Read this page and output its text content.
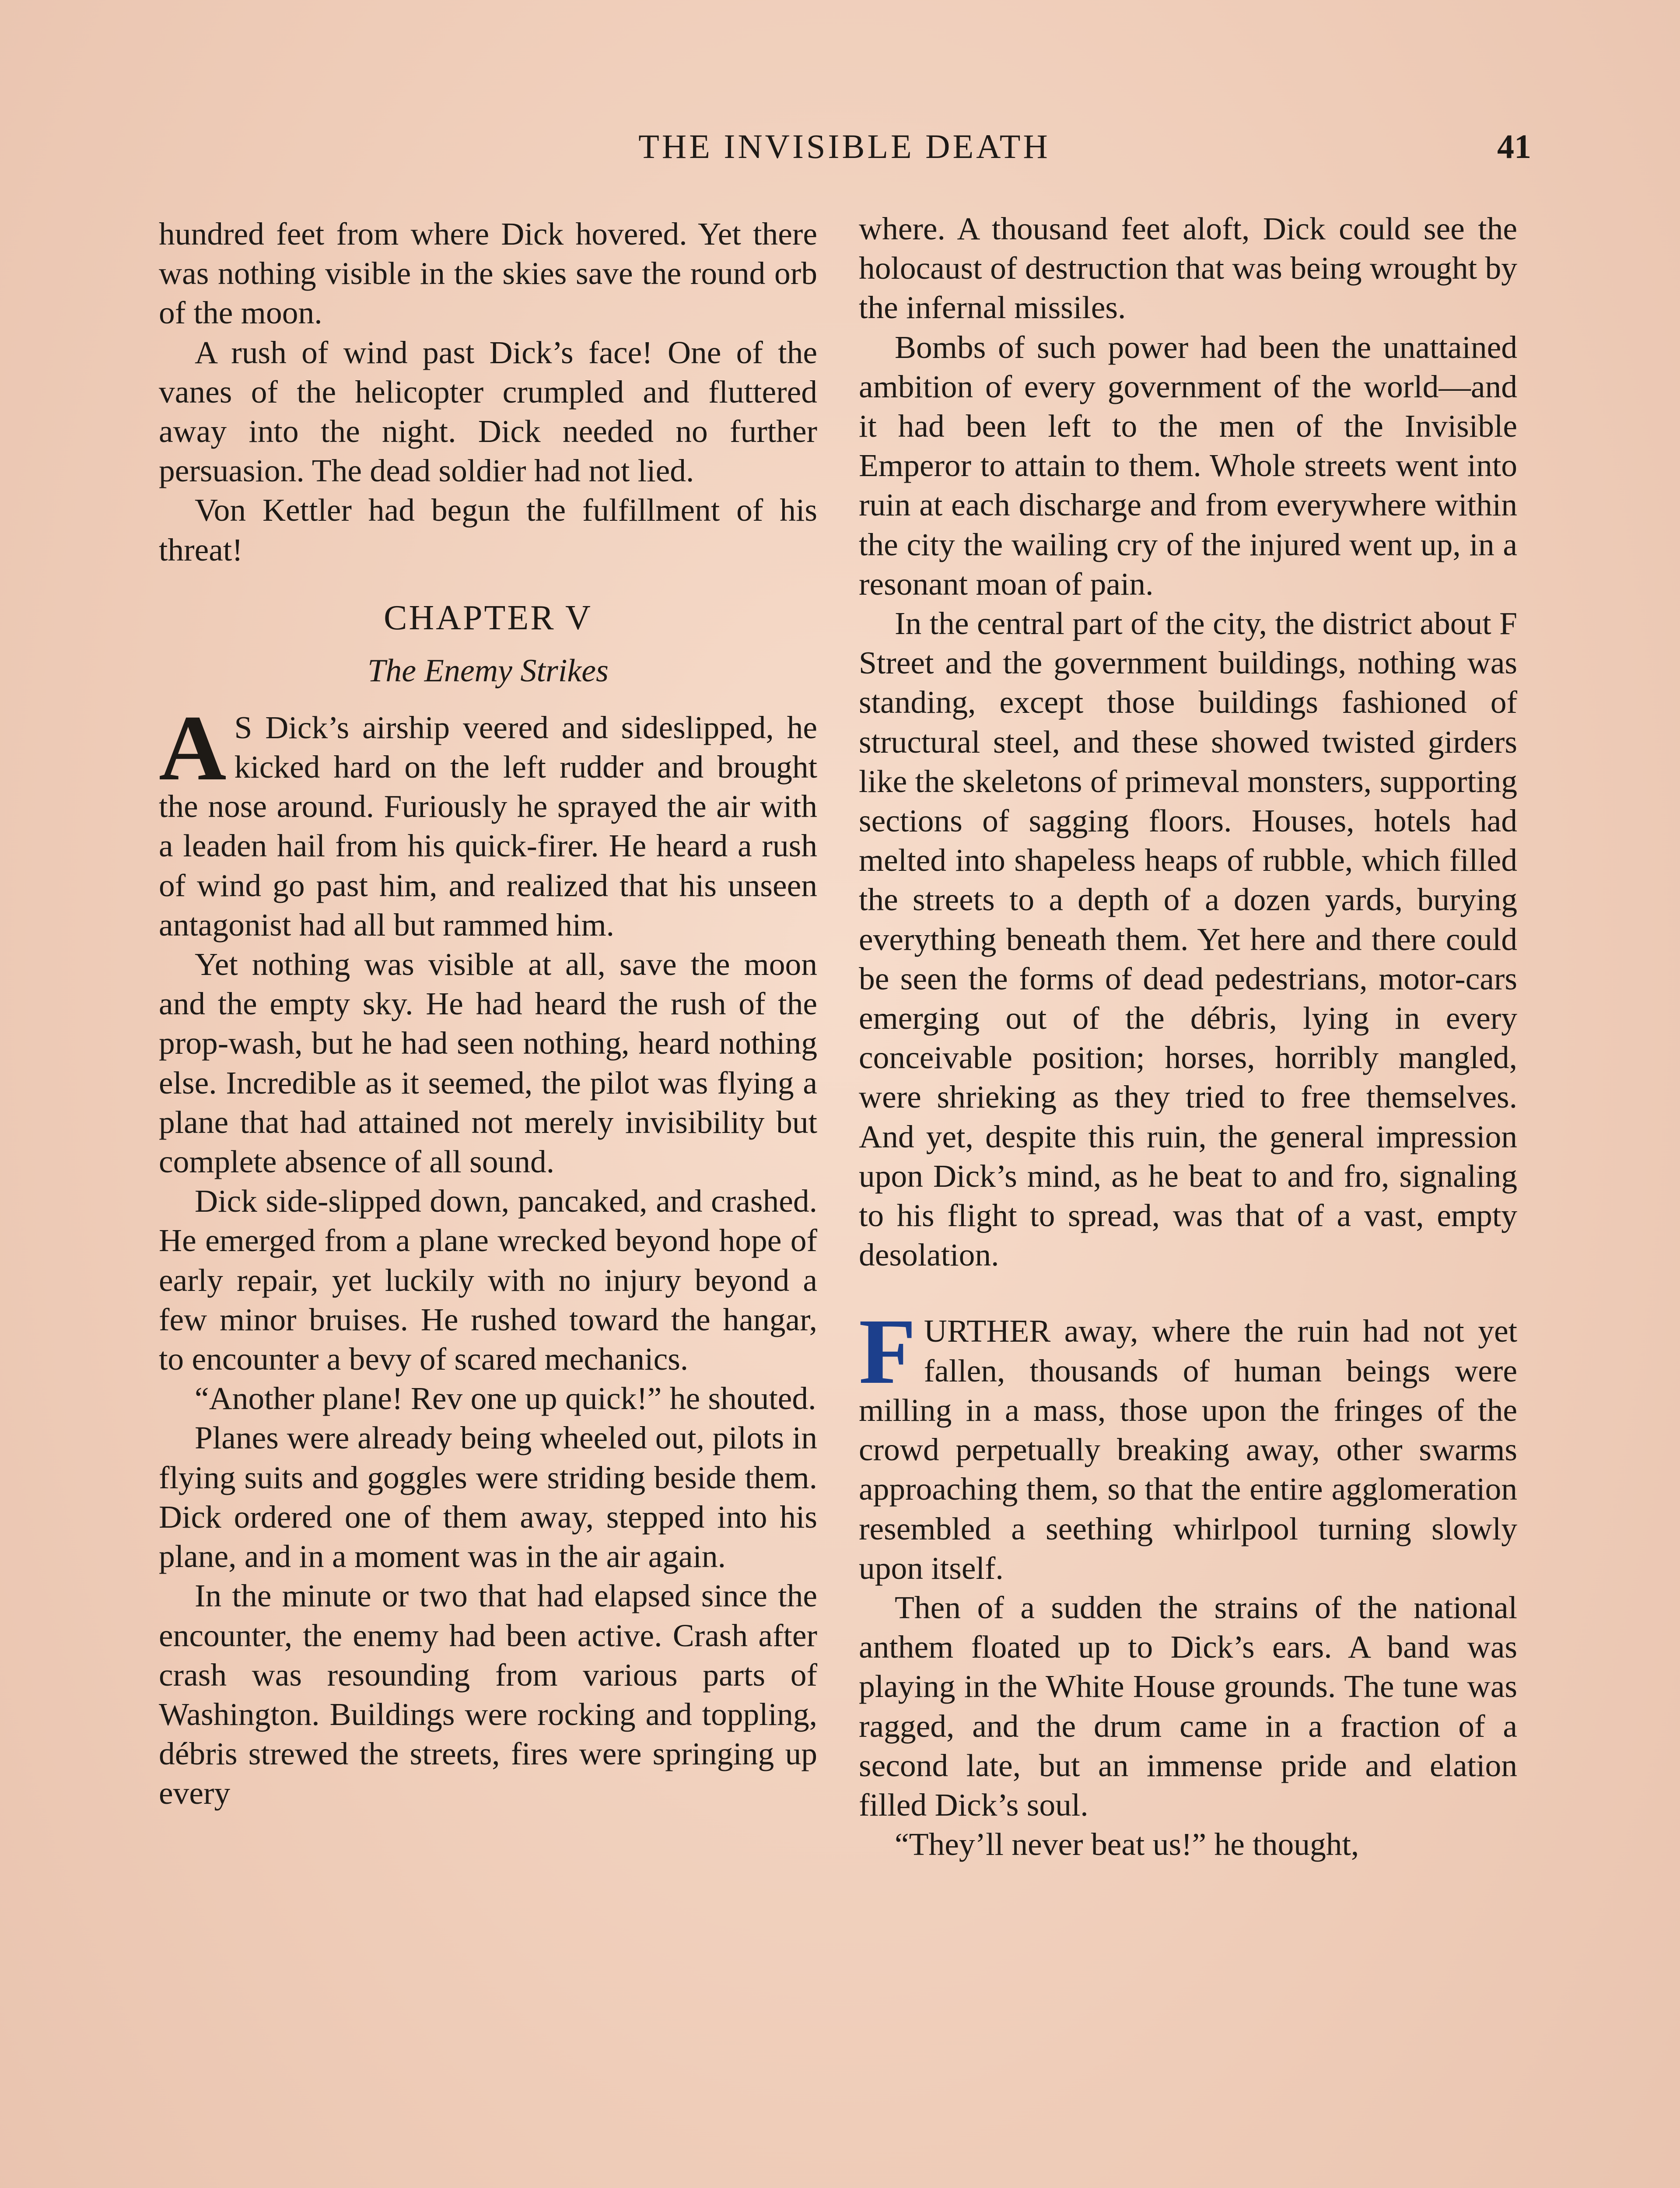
THE INVISIBLE DEATH	41

hundred feet from where Dick hovered. Yet there was nothing visible in the skies save the round orb of the moon.

A rush of wind past Dick’s face! One of the vanes of the helicopter crumpled and fluttered away into the night. Dick needed no further persuasion. The dead soldier had not lied.

Von Kettler had begun the fulfillment of his threat!

CHAPTER V
The Enemy Strikes

A S Dick’s airship veered and sideslipped, he kicked hard on the left rudder and brought the nose around. Furiously he sprayed the air with a leaden hail from his quick-firer. He heard a rush of wind go past him, and realized that his unseen antagonist had all but rammed him.

Yet nothing was visible at all, save the moon and the empty sky. He had heard the rush of the prop-wash, but he had seen nothing, heard nothing else. Incredible as it seemed, the pilot was flying a plane that had attained not merely invisibility but complete absence of all sound.

Dick side-slipped down, pancaked, and crashed. He emerged from a plane wrecked beyond hope of early repair, yet luckily with no injury beyond a few minor bruises. He rushed toward the hangar, to encounter a bevy of scared mechanics.

“Another plane! Rev one up quick!” he shouted.

Planes were already being wheeled out, pilots in flying suits and goggles were striding beside them. Dick ordered one of them away, stepped into his plane, and in a moment was in the air again.

In the minute or two that had elapsed since the encounter, the enemy had been active. Crash after crash was resounding from various parts of Washington. Buildings were rocking and toppling, débris strewed the streets, fires were springing up every

where. A thousand feet aloft, Dick could see the holocaust of destruction that was being wrought by the infernal missiles.

Bombs of such power had been the unattained ambition of every government of the world—and it had been left to the men of the Invisible Emperor to attain to them. Whole streets went into ruin at each discharge and from everywhere within the city the wailing cry of the injured went up, in a resonant moan of pain.

In the central part of the city, the district about F Street and the government buildings, nothing was standing, except those buildings fashioned of structural steel, and these showed twisted girders like the skeletons of primeval monsters, supporting sections of sagging floors. Houses, hotels had melted into shapeless heaps of rubble, which filled the streets to a depth of a dozen yards, burying everything beneath them. Yet here and there could be seen the forms of dead pedestrians, motor-cars emerging out of the débris, lying in every conceivable position; horses, horribly mangled, were shrieking as they tried to free themselves. And yet, despite this ruin, the general impression upon Dick’s mind, as he beat to and fro, signaling to his flight to spread, was that of a vast, empty desolation.

FURTHER away, where the ruin had not yet fallen, thousands of human beings were milling in a mass, those upon the fringes of the crowd perpetually breaking away, other swarms approaching them, so that the entire agglomeration resembled a seething whirlpool turning slowly upon itself.

Then of a sudden the strains of the national anthem floated up to Dick’s ears. A band was playing in the White House grounds. The tune was ragged, and the drum came in a fraction of a second late, but an immense pride and elation filled Dick’s soul.

“They’ll never beat us!” he thought,
